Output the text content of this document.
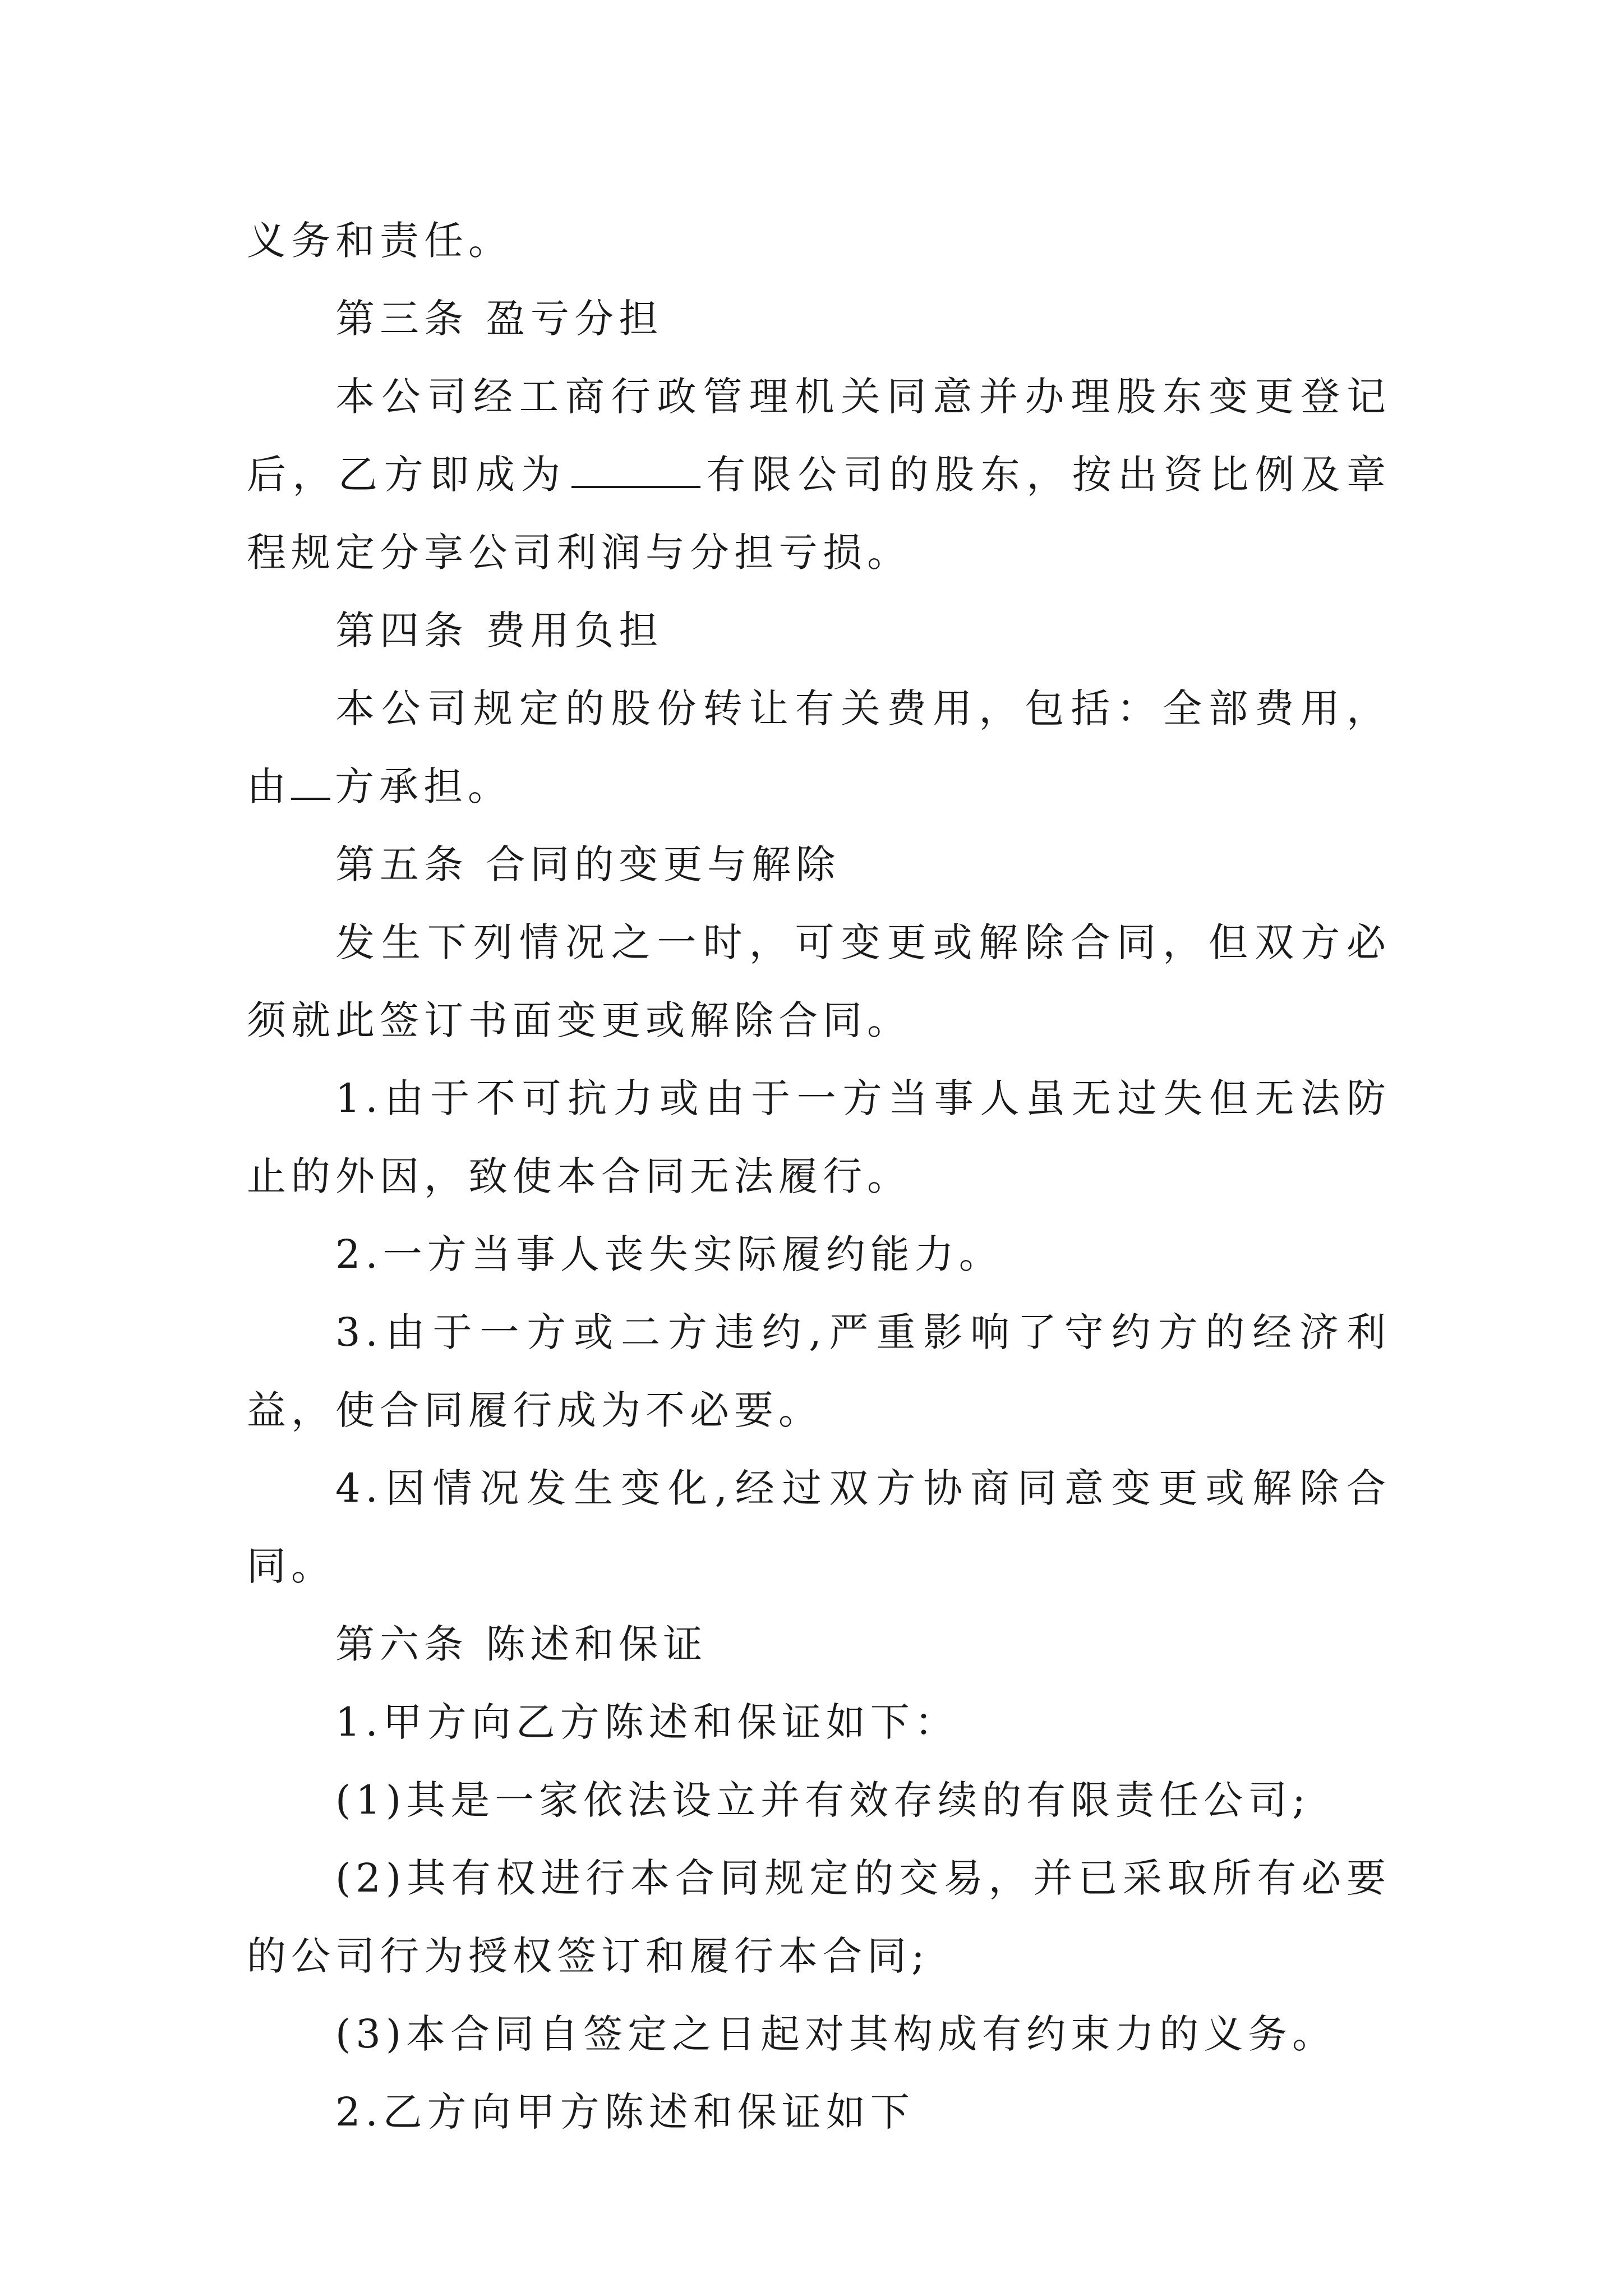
义务和责任。

第三条 盈亏分担

本公司经工商行政管理机关同意并办理股东变更登记后，乙方即成为	有限公司的股东，按出资比例及章程规定分享公司利润与分担亏损。

第四条 费用负担

本公司规定的股份转让有关费用，包括：全部费用，由 方承担。

第五条 合同的变更与解除

发生下列情况之一时，可变更或解除合同，但双方必须就此签订书面变更或解除合同。

1.由于不可抗力或由于一方当事人虽无过失但无法防止的外因，致使本合同无法履行。

2.一方当事人丧失实际履约能力。

3.由于一方或二方违约,严重影响了守约方的经济利益，使合同履行成为不必要。

4.因情况发生变化,经过双方协商同意变更或解除合同。

第六条 陈述和保证

1.甲方向乙方陈述和保证如下：

(1)其是一家依法设立并有效存续的有限责任公司;

(2)其有权进行本合同规定的交易，并已采取所有必要的公司行为授权签订和履行本合同;

(3)本合同自签定之日起对其构成有约束力的义务。

2.乙方向甲方陈述和保证如下
